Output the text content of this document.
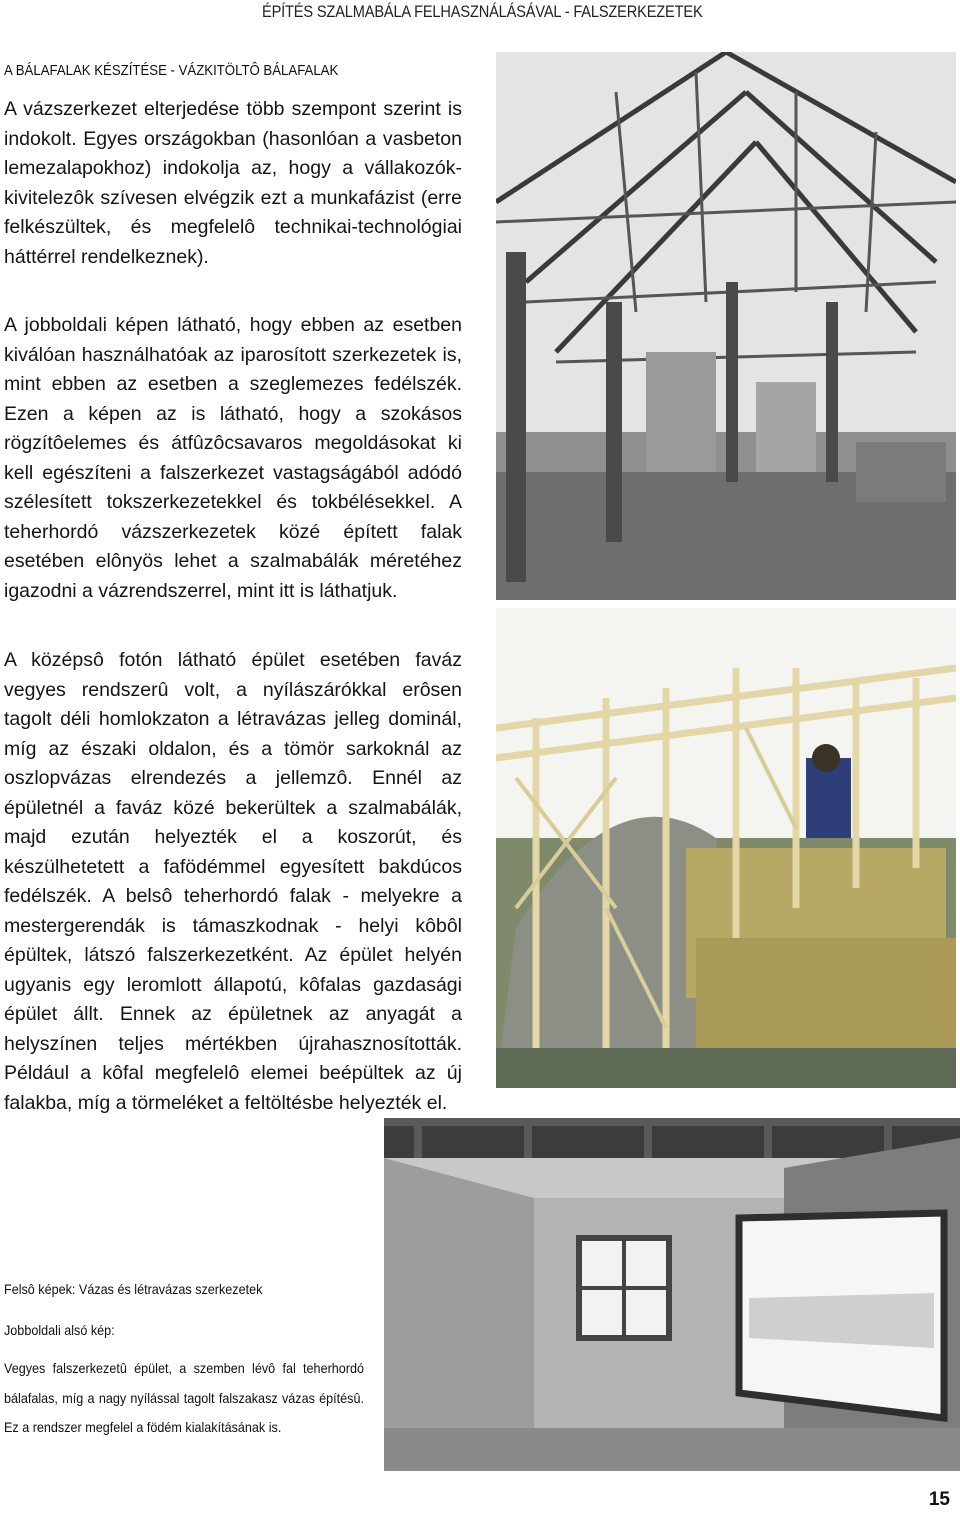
ÉPÍTÉS SZALMABÁLA FELHASZNÁLÁSÁVAL - FALSZERKEZETEK
A BÁLAFALAK KÉSZÍTÉSE - VÁZKITÖLTÔ BÁLAFALAK

A vázszerkezet elterjedése több szempont szerint is indokolt. Egyes országokban (hasonlóan a vasbeton lemezalapokhoz) indokolja az, hogy a vállakozók-kivitelezôk szívesen elvégzik ezt a munkafázist (erre felkészültek, és megfelelô technikai-technológiai háttérrel rendelkeznek).

A jobboldali képen látható, hogy ebben az esetben kiválóan használhatóak az iparosított szerkezetek is, mint ebben az esetben a szeglemezes fedélszék. Ezen a képen az is látható, hogy a szokásos rögzítôelemes és átfûzôcsavaros megoldásokat ki kell egészíteni a falszerkezet vastagságából adódó szélesített tokszerkezetekkel és tokbélésekkel. A teherhordó vázszerkezetek közé épített falak esetében elônyös lehet a szalmabálák méretéhez igazodni a vázrendszerrel, mint itt is láthatjuk.

A középsô fotón látható épület esetében faváz vegyes rendszerû volt, a nyílászárókkal erôsen tagolt déli homlokzaton a létravázas jelleg dominál, míg az északi oldalon, és a tömör sarkoknál az oszlopvázas elrendezés a jellemzô. Ennél az épületnél a faváz közé bekerültek a szalmabálák, majd ezután helyezték el a koszorút, és készülhetetett a fafödémmel egyesített bakdúcos fedélszék. A belsô teherhordó falak - melyekre a mestergerendák is támaszkodnak - helyi kôbôl épültek, látszó falszerkezetként. Az épület helyén ugyanis egy leromlott állapotú, kôfalas gazdasági épület állt. Ennek az épületnek az anyagát a helyszínen teljes mértékben újrahasznosították. Például a kôfal megfelelô elemei beépültek az új falakba, míg a törmeléket a feltöltésbe helyezték el.

Felsô képek: Vázas és létravázas szerkezetek
Jobboldali alsó kép:
Vegyes falszerkezetû épület, a szemben lévô fal teherhordó bálafalas, míg a nagy nyílással tagolt falszakasz vázas építésû. Ez a rendszer megfelel a födém kialakításának is.
15
